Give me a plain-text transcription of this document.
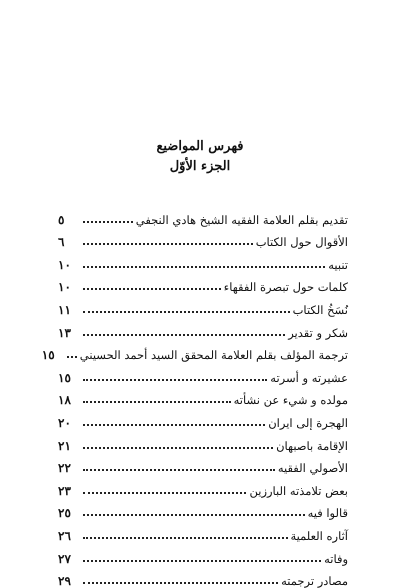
فهرس المواضيع
الجزء الأوّل
تقديم بقلم العلامة الفقيه الشيخ هادي النجفي
٥
الأقوال حول الكتاب
٦
تنبيه
١٠
كلمات حول تبصرة الفقهاء
١٠
نُسَخُ الكتاب
١١
شكر و تقدير
١٣
ترجمة المؤلف بقلم العلامة المحقق السيد أحمد الحسيني
١٥
عشيرته و أسرته
١٥
مولده و شيء عن نشأته
١٨
الهجرة إلى ايران
٢٠
الإقامة باصبهان
٢١
الأصولي الفقيه
٢٢
بعض تلامذته البارزين
٢٣
قالوا فيه
٢٥
آثاره العلمية
٢٦
وفاته
٢٧
مصادر ترجمته
٢٩
